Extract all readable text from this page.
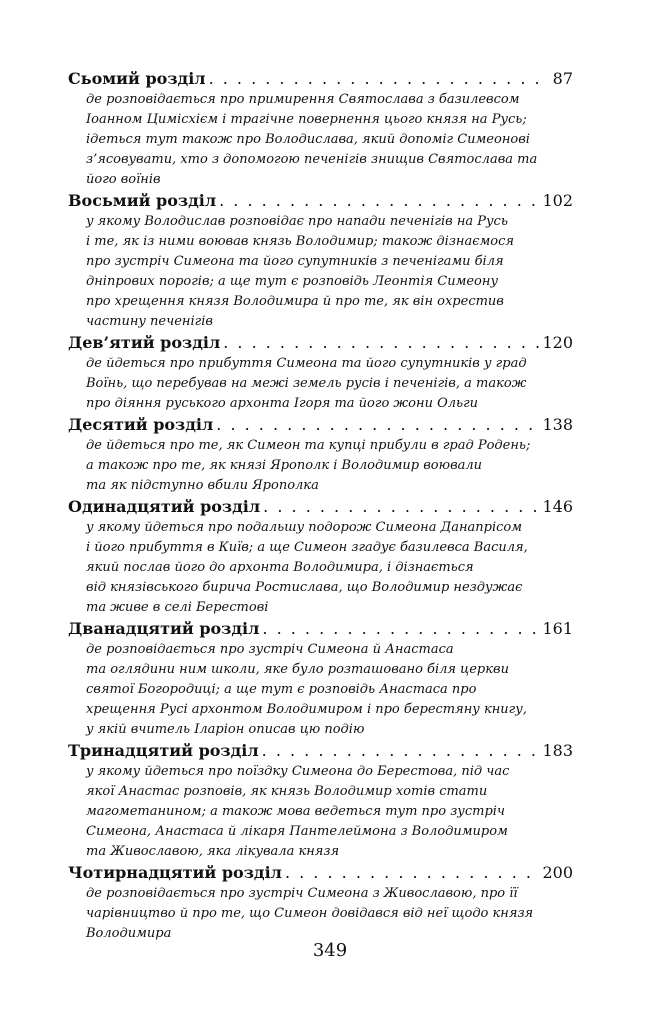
Сьомий розділ . . .	87
де розповідається про примирення Святослава з базилевсом
Іоанном Цимісхієм і трагічне повернення цього князя на Русь;
ідеться тут також про Володислава, який допоміг Симеонові
з’ясовувати, хто з допомогою печенігів знищив Святослава та
його воїнів
Восьмий розділ . . .	102
у якому Володислав розповідає про напади печенігів на Русь
і те, як із ними воював князь Володимир; також дізнаємося
про зустріч Симеона та його супутників з печенігами біля
дніпрових порогів; а ще тут є розповідь Леонтія Симеону
про хрещення князя Володимира й про те, як він охрестив
частину печенігів
Дев’ятий розділ . . .	120
де йдеться про прибуття Симеона та його супутників у град
Воїнь, що перебував на межі земель русів і печенігів, а також
про діяння руського архонта Ігоря та його жони Ольги
Десятий розділ . . .	138
де йдеться про те, як Симеон та купці прибули в град Родень;
а також про те, як князі Ярополк і Володимир воювали
та як підступно вбили Ярополка
Одинадцятий розділ . . .	146
у якому йдеться про подальшу подорож Симеона Данапрісом
і його прибуття в Київ; а ще Симеон згадує базилевса Василя,
який послав його до архонта Володимира, і дізнається
від князівського бирича Ростислава, що Володимир нездужає
та живе в селі Берестові
Дванадцятий розділ . . .	161
де розповідається про зустріч Симеона й Анастаса
та оглядини ним школи, яке було розташовано біля церкви
святої Богородиці; а ще тут є розповідь Анастаса про
хрещення Русі архонтом Володимиром і про берестяну книгу,
у якій вчитель Іларіон описав цю подію
Тринадцятий розділ . . .	183
у якому йдеться про поїздку Симеона до Берестова, під час
якої Анастас розповів, як князь Володимир хотів стати
магометанином; а також мова ведеться тут про зустріч
Симеона, Анастаса й лікаря Пантелеймона з Володимиром
та Живославою, яка лікувала князя
Чотирнадцятий розділ . . .	200
де розповідається про зустріч Симеона з Живославою, про її
чарівництво й про те, що Симеон довідався від неї щодо князя
Володимира
349
